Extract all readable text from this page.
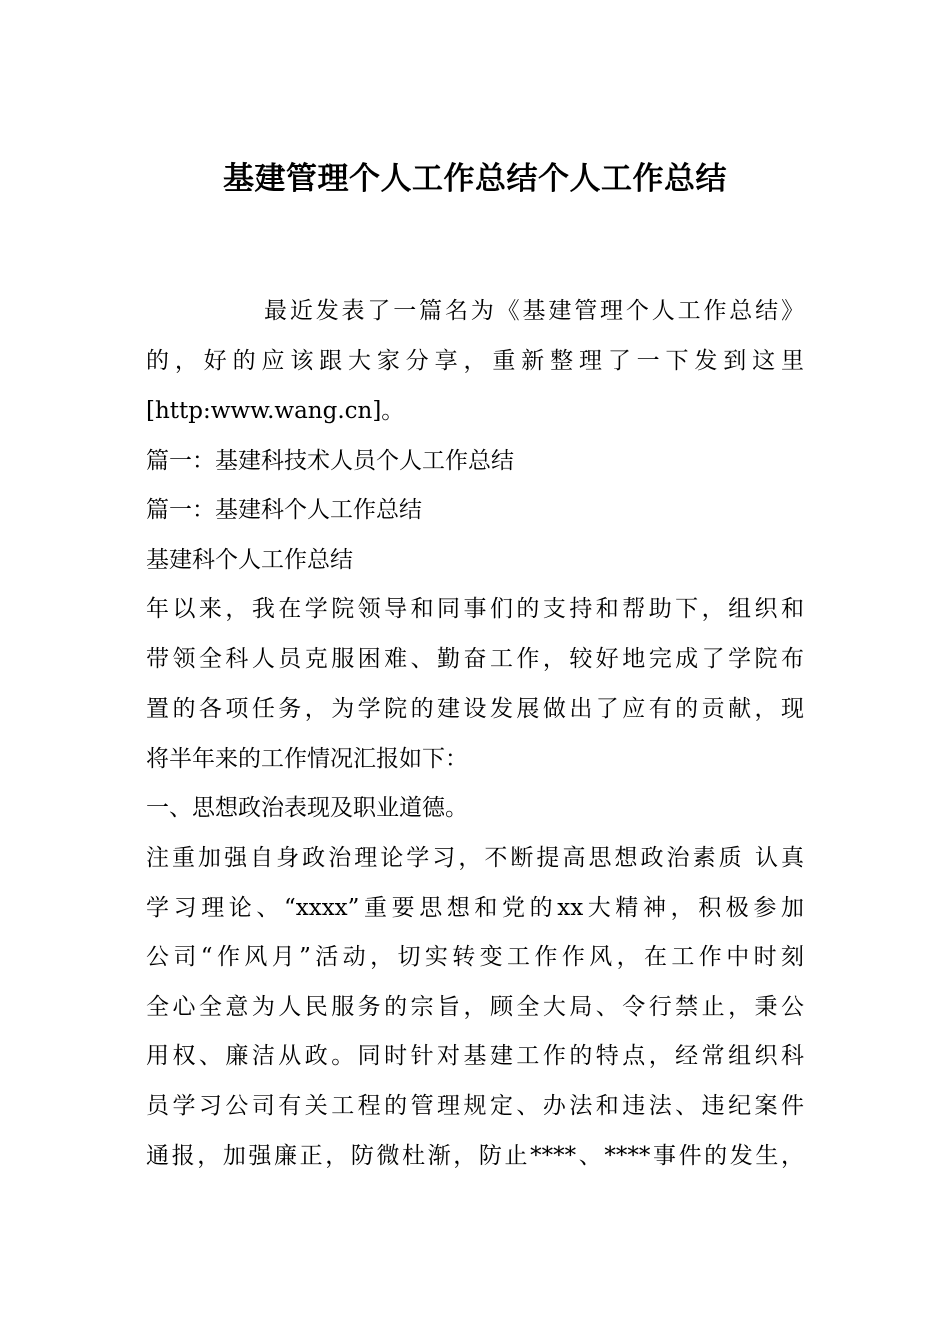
基建管理个人工作总结个人工作总结
最近发表了一篇名为《基建管理个人工作总结》
的，好的应该跟大家分享，重新整理了一下发到这里
[http:www.wang.cn]。
篇一：基建科技术人员个人工作总结
篇一：基建科个人工作总结
基建科个人工作总结
年以来，我在学院领导和同事们的支持和帮助下，组织和
带领全科人员克服困难、勤奋工作，较好地完成了学院布
置的各项任务，为学院的建设发展做出了应有的贡献，现
将半年来的工作情况汇报如下：
一、思想政治表现及职业道德。
注重加强自身政治理论学习，不断提高思想政治素质 认真
学习理论、“xxxx”重要思想和党的xx大精神，积极参加
公司“作风月”活动，切实转变工作作风，在工作中时刻
全心全意为人民服务的宗旨，顾全大局、令行禁止，秉公
用权、廉洁从政。同时针对基建工作的特点，经常组织科
员学习公司有关工程的管理规定、办法和违法、违纪案件
通报，加强廉正，防微杜渐，防止****、****事件的发生，
